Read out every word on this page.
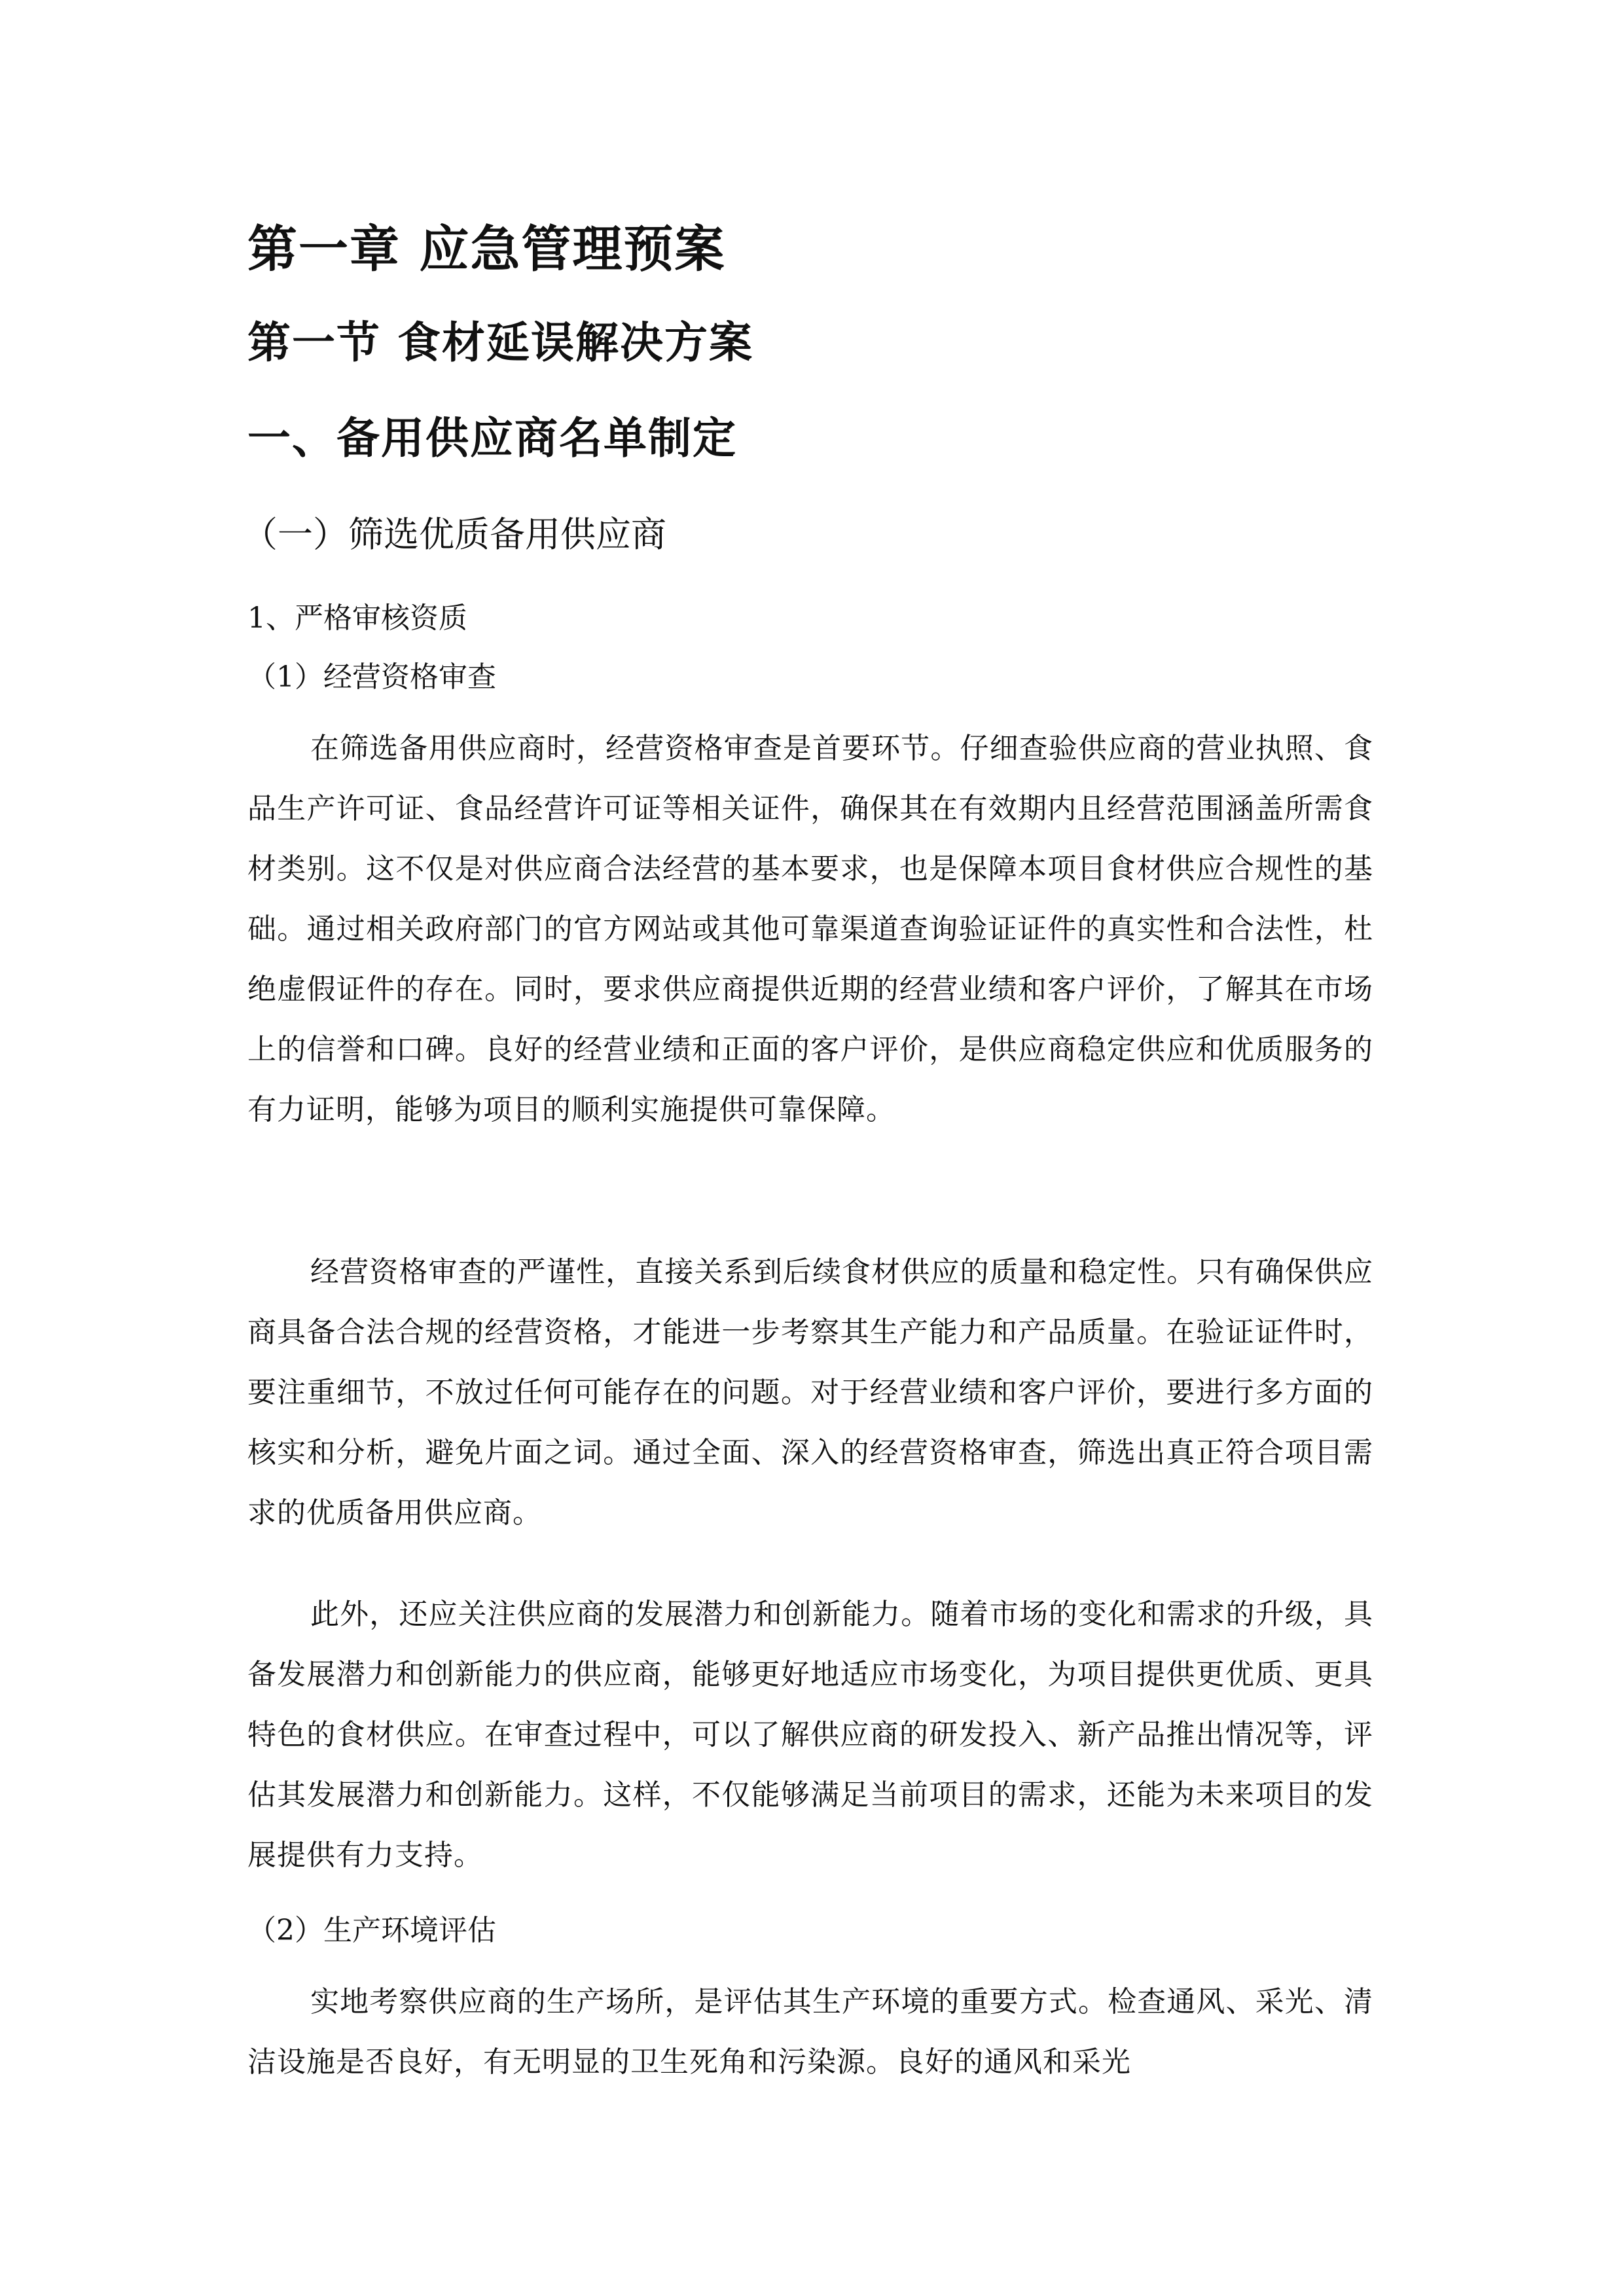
第一章 应急管理预案
第一节 食材延误解决方案
一、备用供应商名单制定
（一）筛选优质备用供应商

1、严格审核资质

（1）经营资格审查

在筛选备用供应商时，经营资格审查是首要环节。仔细查验供应商的营业执照、食品生产许可证、食品经营许可证等相关证件，确保其在有效期内且经营范围涵盖所需食材类别。这不仅是对供应商合法经营的基本要求，也是保障本项目食材供应合规性的基础。通过相关政府部门的官方网站或其他可靠渠道查询验证证件的真实性和合法性，杜绝虚假证件的存在。同时，要求供应商提供近期的经营业绩和客户评价，了解其在市场上的信誉和口碑。良好的经营业绩和正面的客户评价，是供应商稳定供应和优质服务的有力证明，能够为项目的顺利实施提供可靠保障。

经营资格审查的严谨性，直接关系到后续食材供应的质量和稳定性。只有确保供应商具备合法合规的经营资格，才能进一步考察其生产能力和产品质量。在验证证件时，要注重细节，不放过任何可能存在的问题。对于经营业绩和客户评价，要进行多方面的核实和分析，避免片面之词。通过全面、深入的经营资格审查，筛选出真正符合项目需求的优质备用供应商。

此外，还应关注供应商的发展潜力和创新能力。随着市场的变化和需求的升级，具备发展潜力和创新能力的供应商，能够更好地适应市场变化，为项目提供更优质、更具特色的食材供应。在审查过程中，可以了解供应商的研发投入、新产品推出情况等，评估其发展潜力和创新能力。这样，不仅能够满足当前项目的需求，还能为未来项目的发展提供有力支持。

（2）生产环境评估

实地考察供应商的生产场所，是评估其生产环境的重要方式。检查通风、采光、清洁设施是否良好，有无明显的卫生死角和污染源。良好的通风和采光
